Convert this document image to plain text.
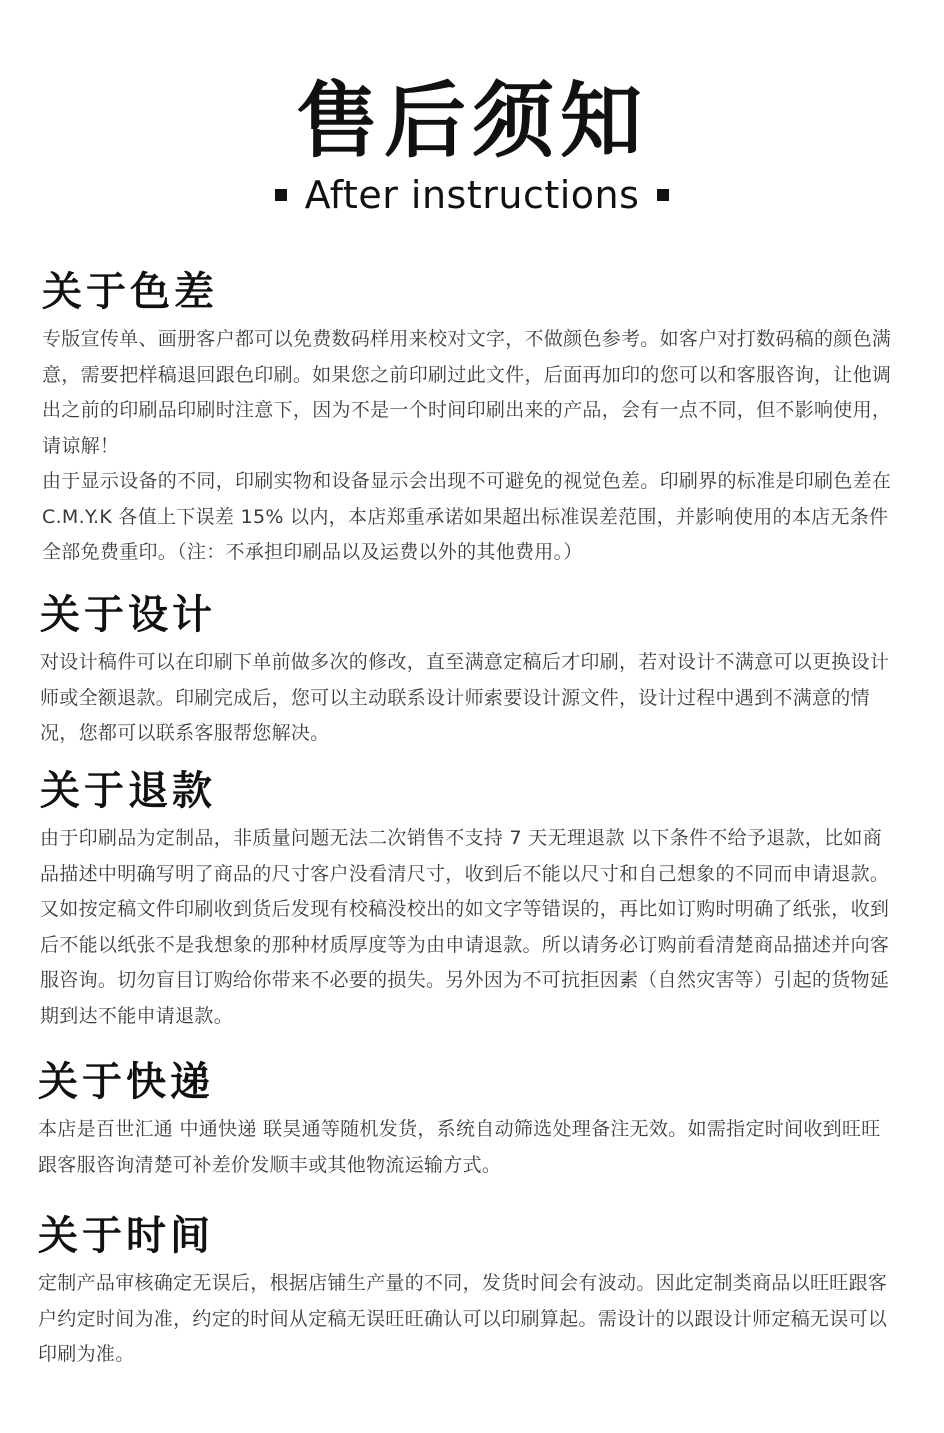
售后须知
After instructions
关于色差

专版宣传单、画册客户都可以免费数码样用来校对文字，不做颜色参考。如客户对打数码稿的颜色满意，需要把样稿退回跟色印刷。如果您之前印刷过此文件，后面再加印的您可以和客服咨询，让他调出之前的印刷品印刷时注意下，因为不是一个时间印刷出来的产品，会有一点不同，但不影响使用，请谅解！

由于显示设备的不同，印刷实物和设备显示会出现不可避免的视觉色差。印刷界的标准是印刷色差在 C.M.Y.K 各值上下误差 15% 以内，本店郑重承诺如果超出标准误差范围，并影响使用的本店无条件全部免费重印。（注：不承担印刷品以及运费以外的其他费用。）

关于设计

对设计稿件可以在印刷下单前做多次的修改，直至满意定稿后才印刷，若对设计不满意可以更换设计师或全额退款。印刷完成后，您可以主动联系设计师索要设计源文件，设计过程中遇到不满意的情况，您都可以联系客服帮您解决。

关于退款

由于印刷品为定制品，非质量问题无法二次销售不支持 7 天无理退款 以下条件不给予退款，比如商品描述中明确写明了商品的尺寸客户没看清尺寸，收到后不能以尺寸和自己想象的不同而申请退款。又如按定稿文件印刷收到货后发现有校稿没校出的如文字等错误的，再比如订购时明确了纸张，收到后不能以纸张不是我想象的那种材质厚度等为由申请退款。所以请务必订购前看清楚商品描述并向客服咨询。切勿盲目订购给你带来不必要的损失。另外因为不可抗拒因素（自然灾害等）引起的货物延期到达不能申请退款。

关于快递

本店是百世汇通 中通快递 联昊通等随机发货，系统自动筛选处理备注无效。如需指定时间收到旺旺跟客服咨询清楚可补差价发顺丰或其他物流运输方式。

关于时间

定制产品审核确定无误后，根据店铺生产量的不同，发货时间会有波动。因此定制类商品以旺旺跟客户约定时间为准，约定的时间从定稿无误旺旺确认可以印刷算起。需设计的以跟设计师定稿无误可以印刷为准。
